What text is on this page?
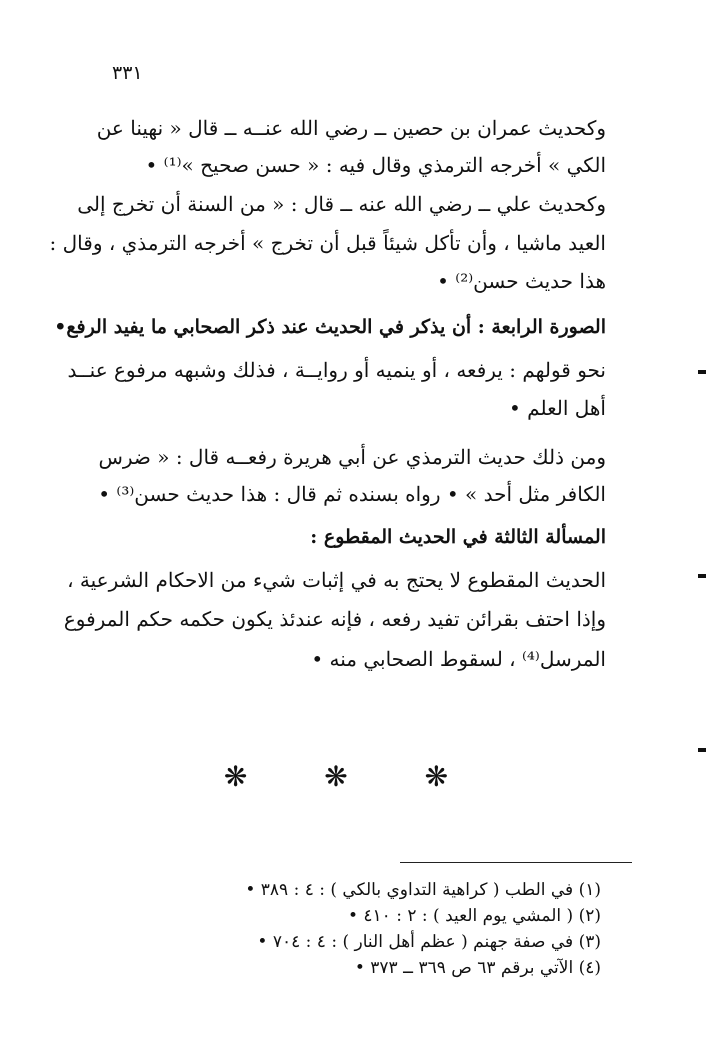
٣٣١
وكحديث عمران بن حصين ــ رضي الله عنــه ــ قال « نهينا عن
الكي » أخرجه الترمذي وقال فيه : « حسن صحيح »⁽¹⁾ •
وكحديث علي ــ رضي الله عنه ــ قال : « من السنة أن تخرج إلى
العيد ماشيا ، وأن تأكل شيئاً قبل أن تخرج » أخرجه الترمذي ، وقال :
هذا حديث حسن⁽²⁾ •
الصورة الرابعة : أن يذكر في الحديث عند ذكر الصحابي ما يفيد الرفع•
نحو قولهم : يرفعه ، أو ينميه أو روايــة ، فذلك وشبهه مرفوع عنــد
أهل العلم •
ومن ذلك حديث الترمذي عن أبي هريرة رفعــه قال : « ضرس
الكافر مثل أحد » • رواه بسنده ثم قال : هذا حديث حسن⁽³⁾ •
المسألة الثالثة في الحديث المقطوع :
الحديث المقطوع لا يحتج به في إثبات شيء من الاحكام الشرعية ،
وإذا احتف بقرائن تفيد رفعه ، فإنه عندئذ يكون حكمه حكم المرفوع
المرسل⁽⁴⁾ ، لسقوط الصحابي منه •
❋ ❋ ❋
(١) في الطب ( كراهية التداوي بالكي ) : ٤ : ٣٨٩ •
(٢) ( المشي يوم العيد ) : ٢ : ٤١٠ •
(٣) في صفة جهنم ( عظم أهل النار ) : ٤ : ٧٠٤ •
(٤) الآتي برقم ٦٣ ص ٣٦٩ ــ ٣٧٣ •
